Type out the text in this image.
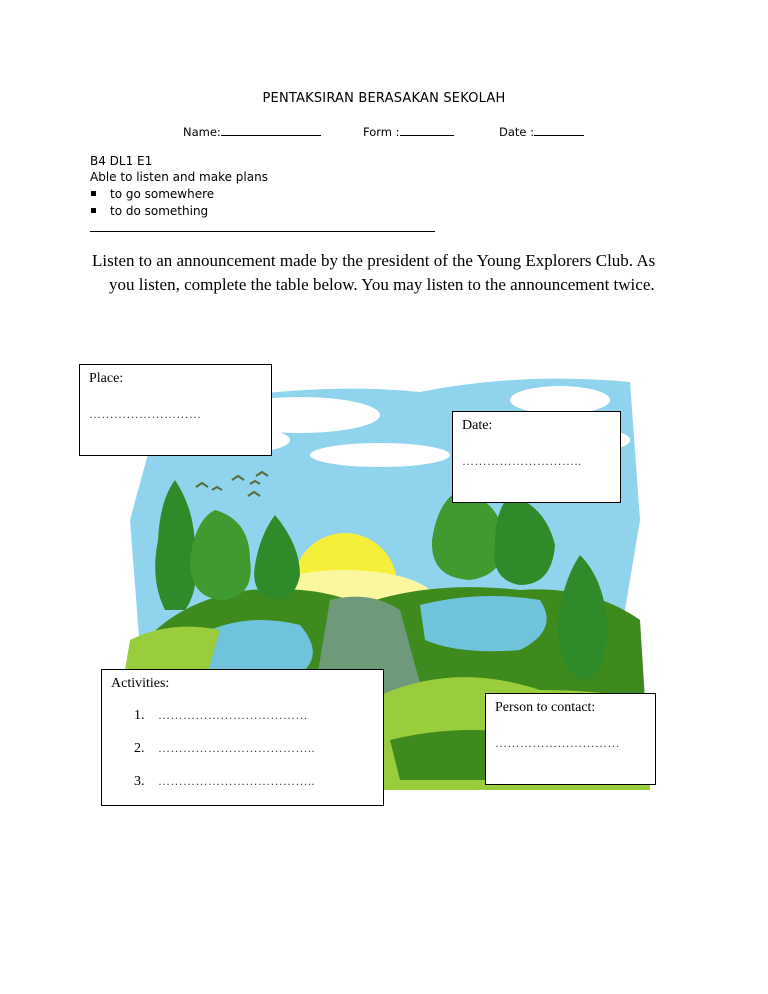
PENTAKSIRAN BERASAKAN SEKOLAH
Name:	Form :	Date :
B4 DL1 E1
Able to listen and make plans
to go somewhere
to do something
Listen to an announcement made by the president of the Young Explorers Club. As
you listen, complete the table below. You may listen to the announcement twice.
Place:
………………………
Date:
………………………..
Activities:
1. ………………………………
2. ………………………………..
3. ………………………………..
Person to contact:
…………………………
